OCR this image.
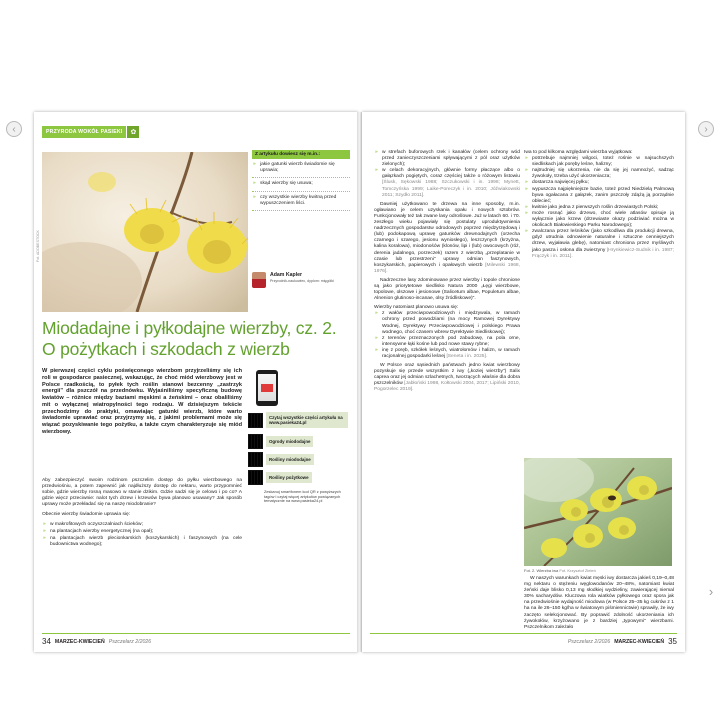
‹	›
›
PRZYRODA WOKÓŁ PASIEKI	✿
Fot. ADOBESTOCK
Z artykułu dowiesz się m.in.:
» jakie gatunki wierzb świadomie się uprawia;
» skąd wierzby się usuwa;
» czy wszystkie wierzby kwitną przed wypuszczeniem liści.
Adam Kapler
Przyrodnik-naukowiec, dyplom: mięgólki
Miodadajne i pyłkodajne wierzby, cz. 2. O pożytkach i szkodach z wierzb
W pierwszej części cyklu poświęconego wierzbom przyjrzeliśmy się ich roli w gospodarce pasiecznej, wskazując, że choć miód wierzbowy jest w Polsce rzadkością, to pyłek tych roślin stanowi bezcenny „zastrzyk energii" dla pszczół na przednówku. Wyjaśniliśmy specyficzną budowę kwiatów – różnice między baziami męskimi a żeńskimi – oraz obaliliśmy mit o wyłącznej wiatropylności tego rodzaju. W dzisiejszym tekście przechodzimy do praktyki, omawiając gatunki wierzb, które warto świadomie uprawiać oraz przyjrzymy się, z jakimi problemami może się wiązać pozyskiwanie tego pożytku, a także czym charakteryzuje się miód wierzbowy.

Aby zabezpieczyć swoim rodzinom pszczelim dostęp do pyłku wierzbowego na przedwiośniu, a potem zapewnić jak najdłuższy dostęp do nektaru, warto przypomnieć sobie, gdzie wierzby rosną masowo w stanie dzikim. Gdzie sadzi się je celowo i po co? A gdzie więcz przeciwnie: nalot tych drzew i krzewów bywa planowo usuwany? Jak sposób uprawy może przekładać się na naszę miodobranie?

Obecnie wierzby świadomie uprawia się:
» w makrofitowych oczyszczalniach ścieków;
» na plantacjach wierzby energetycznej (na opał);
» na plantacjach wierzb plecionkarskich (koszykarskich) i faszynowych (na cele budownictwa wodnego);
Czytaj wszystkie części artykułu na www.pasieka24.pl
Ogrody miododajne
Rośliny miododajne
Rośliny pożytkowe
Zeskanuj smartfonem kod QR z powyższych tagów i czytaj więcej artykułów powiązanych tematycznie na www.pasieka24.pl
34 MARZEC-KWIECIEŃ Pszczelarz 2/2026
» w strefach buforowych rzek i kanałów (celem ochrony wód przed zanieczyszczeniami spływającymi z pól oraz użytków zielonych);
» w celach dekoracyjnych, głównie formy płaczące albo o gałązkach pogiętych, coraz częściej także o różowym listowiu [Ślusk, Sękowski 1988; Szczukowski i in. 1998; Mynett, Tomczyńska 1999; Laike-Poreczyk i in. 2010; Jóźwiakowski 2011; Szydło 2011].

Dawniej użytkowano te drzewa na inne sposoby, m.in. ogławiano je celem uzyskania opału i nowych sztobrów. Funkcjonowały też tak zwane lasy odroślowe. Już w latach 60. i 70. zeszłego wieku pojawiały się postulaty uproduktywnienia nadrzecznych gospodarstw odrodowych poprzez międzyrzędową i (lub) podokapową uprawę gatunków drewnodajnych (orzecha czarnego i szarego, jesionu wyniosłego), leszczynych (krzyżna, kalina koralowa), miodonośów (klonów, lipi i (lub) owocowych (róż, derenia jadalnego, porzeczek) razem z wierzbą „przeplatanie w czasie lub przestrzeni" uprawy odmian faszynowych, koszykarskich, papierowych i opałowych wierzb [Milewski 1968, 1976].

Nadrzeczne lasy zdominowane przez wierzby i topole chronione są jako priorytetowe siedlisko Natura 2000 „Łęgi wierzbowe, topolowe, olszowe i jesionowe (Salicetum albae, Populetum albae, Alnenion glutinoso-incanae, olsy źródliskowe)".

Wierzby natomiast planowo usuwa się:
» z wałów przeciwpowodziowych i międzywala, w ramach ochrony przed powodziami (na mocy Ramowej Dyrektywy Wodnej, Dyrektywy Przeciwpowodziowej i polskiego Prawa wodnego, choć czasem wbrew Dyrektywie Siedliskowej);
» z terenów przeznaczonych pod zabudowę, na pola orne, intensywne łąki kośne lub pod nowe stawy rybne;
» inę z poręb, szkółek leśnych, wiatrołomów i halizn, w ramach racjonalnej gospodarki leśnej [Seneta i in. 2025].

W Polsce oraz sąsiednich państwach jedno kwiat wierzbowy pozyskuje się przede wszystkim z iwy („koziej wierzby") Salix caprea oraz jej odmian szlachetnych, tworzących właśnie dla dobra pszczelników [Jabłoński 1998, Kołtowski 2004, 2017; Lipiński 2010, Pogorzelec 2019].

Iwa to pod kilkoma względami wierzba wyjątkowa:
» potrzebuje najmniej wilgoci, toteż rośnie w najsuchszych siedliskach jak poręby leśne, halizny;
» najtrudniej się ukorzenia, nie da się jej namnożyć, sadząc żywokoły, trzeba użyć ukorzeniacza;
» dostarcza najwięcej pyłku;
» wypuszcza najpiękniejsze bazie, toteż przed Niedzielą Palmową bywa ogałacana z gałązek, zanim pszczoły zdążą ją porządnie oblecieć;
» kwitnie jako jedna z pierwszych roślin drzewiastych Polski;
» może rosnąć jako drzewo, choć wiele atlasów opisuje ją wyłącznie jako krzew (drzewiaste okazy podziwiać można w okolicach Białowieskiego Parku Narodowego);
» zwalczana przez leśników (jako szkodliwa dla produkcji drewna, gdyż utrudnia odnowienie naturalne i sztuczne cenniejszych drzew, wyjaławia glebę), natomiast chroniona przez myśliwych jako pasza i osłona dla zwierzyny [Hrynkiewicz-Sudnik i in. 1987; Frączyk i in. 2011].
Fot. 2. Wierzba iwa Fot. Krzysztof Zieleń

W naszych warunkach kwiat męski iwy dostarcza jakieś 0,19–0,48 mg nektaru o stężeniu węglowodanów 20–48%, natomiast kwiat żeński daje blisko 0,13 mg słodkiej wydzieliny, zawierającej niemal 30% sacharydów. Kluczowa rola wiatków pyłkowego oraz spora jak na przedwiośnie wydajność miodowa (w Polsce 25–35 kg cukrów z 1 ha na ile 26–150 kg/ha w światowym piśmiennictwie) sprawiły, że iwy zaczęto selekcjonować. By poprawić zdolność ukorzeniania ich żywokołów, krzyżowano je z bardziej „typowymi" wierzbami. Pszczelnikom zależało

Pszczelarz 2/2026 MARZEC-KWIECIEŃ 35
